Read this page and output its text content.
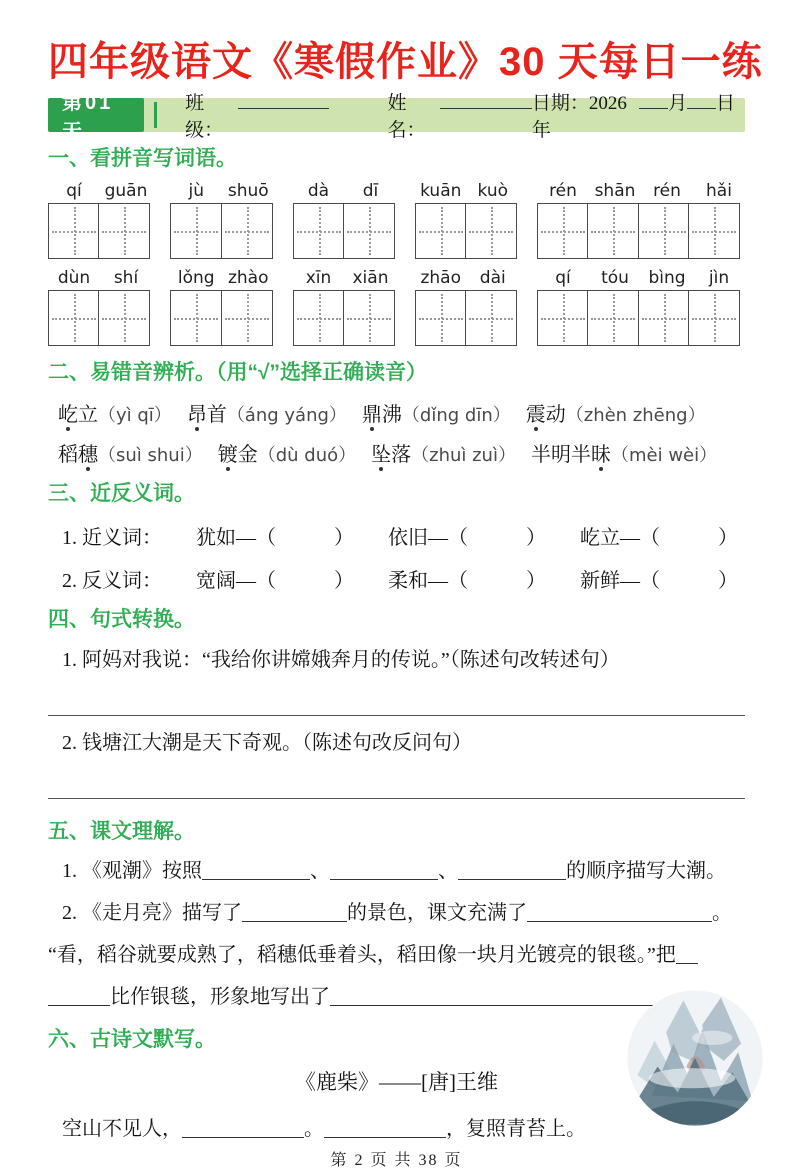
四年级语文《寒假作业》30 天每日一练
第01天
班级：
姓名：
日期：2026 年
月 日
一、看拼音写词语。
qí	guān	jù	shuō	dà	dī	kuān kuò	rén	shān	rén	hǎi
dùn	shí	lǒng zhào	xīn	xiān	zhāo	dài	qí	tóu	bìng	jìn
二、易错音辨析。（用“√”选择正确读音）
屹立 （yì qī） 昂首 （áng yáng） 鼎沸 （dǐng dīn） 震动 （zhèn zhēng）
稻穗 （suì shui） 镀金 （dù duó） 坠落 （zhuì zuì） 半明半昧 （mèi wèi）
三、近反义词。
1. 近义词： 犹如—（	） 依旧—（	） 屹立—（	）
2. 反义词： 宽阔—（	） 柔和—（	） 新鲜—（	）
四、句式转换。
1. 阿妈对我说：“我给你讲嫦娥奔月的传说。”（陈述句改转述句）
2. 钱塘江大潮是天下奇观。（陈述句改反问句）
五、课文理解。
1. 《观潮》按照	、	、	的顺序描写大潮。
2. 《走月亮》描写了	的景色，课文充满了	。
“看，稻谷就要成熟了，稻穗低垂着头，稻田像一块月光镀亮的银毯。”把
比作银毯，形象地写出了
六、古诗文默写。
《鹿柴》——[唐]王维
空山不见人，	。	，复照青苔上。
第 2 页 共 38 页
